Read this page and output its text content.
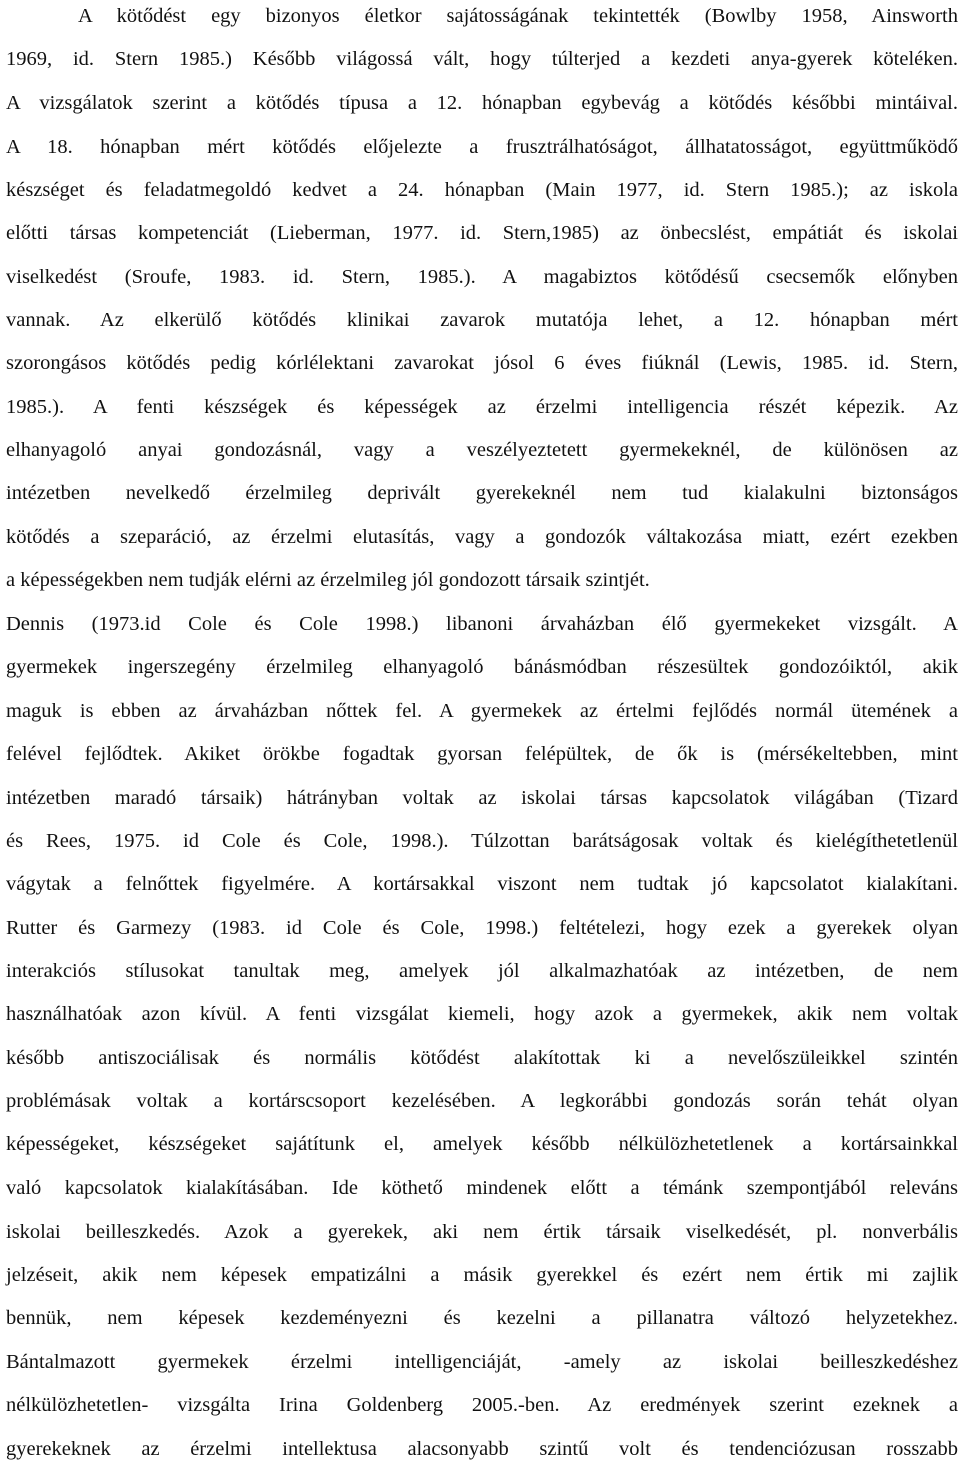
A kötődést egy bizonyos életkor sajátosságának tekintették (Bowlby 1958, Ainsworth
1969, id. Stern 1985.) Később világossá vált, hogy túlterjed a kezdeti anya-gyerek köteléken.
A vizsgálatok szerint a kötődés típusa a 12. hónapban egybevág a kötődés későbbi mintáival.
A 18. hónapban mért kötődés előjelezte a frusztrálhatóságot, állhatatosságot, együttműködő
készséget és feladatmegoldó kedvet a 24. hónapban (Main 1977, id. Stern 1985.); az iskola
előtti társas kompetenciát (Lieberman, 1977. id. Stern,1985) az önbecslést, empátiát és iskolai
viselkedést (Sroufe, 1983. id. Stern, 1985.). A magabiztos kötődésű csecsemők előnyben
vannak. Az elkerülő kötődés klinikai zavarok mutatója lehet, a 12. hónapban mért
szorongásos kötődés pedig kórlélektani zavarokat jósol 6 éves fiúknál (Lewis, 1985. id. Stern,
1985.). A fenti készségek és képességek az érzelmi intelligencia részét képezik. Az
elhanyagoló anyai gondozásnál, vagy a veszélyeztetett gyermekeknél, de különösen az
intézetben nevelkedő érzelmileg deprivált gyerekeknél nem tud kialakulni biztonságos
kötődés a szeparáció, az érzelmi elutasítás, vagy a gondozók váltakozása miatt, ezért ezekben
a képességekben nem tudják elérni az érzelmileg jól gondozott társaik szintjét.
Dennis (1973.id Cole és Cole 1998.) libanoni árvaházban élő gyermekeket vizsgált. A
gyermekek ingerszegény érzelmileg elhanyagoló bánásmódban részesültek gondozóiktól, akik
maguk is ebben az árvaházban nőttek fel. A gyermekek az értelmi fejlődés normál ütemének a
felével fejlődtek. Akiket örökbe fogadtak gyorsan felépültek, de ők is (mérsékeltebben, mint
intézetben maradó társaik) hátrányban voltak az iskolai társas kapcsolatok világában (Tizard
és Rees, 1975. id Cole és Cole, 1998.). Túlzottan barátságosak voltak és kielégíthetetlenül
vágytak a felnőttek figyelmére. A kortársakkal viszont nem tudtak jó kapcsolatot kialakítani.
Rutter és Garmezy (1983. id Cole és Cole, 1998.) feltételezi, hogy ezek a gyerekek olyan
interakciós stílusokat tanultak meg, amelyek jól alkalmazhatóak az intézetben, de nem
használhatóak azon kívül. A fenti vizsgálat kiemeli, hogy azok a gyermekek, akik nem voltak
később antiszociálisak és normális kötődést alakítottak ki a nevelőszüleikkel szintén
problémásak voltak a kortárscsoport kezelésében. A legkorábbi gondozás során tehát olyan
képességeket, készségeket sajátítunk el, amelyek később nélkülözhetetlenek a kortársainkkal
való kapcsolatok kialakításában. Ide köthető mindenek előtt a témánk szempontjából releváns
iskolai beilleszkedés. Azok a gyerekek, aki nem értik társaik viselkedését, pl. nonverbális
jelzéseit, akik nem képesek empatizálni a másik gyerekkel és ezért nem értik mi zajlik
bennük, nem képesek kezdeményezni és kezelni a pillanatra változó helyzetekhez.
Bántalmazott gyermekek érzelmi intelligenciáját, -amely az iskolai beilleszkedéshez
nélkülözhetetlen- vizsgálta Irina Goldenberg 2005.-ben. Az eredmények szerint ezeknek a
gyerekeknek az érzelmi intellektusa alacsonyabb szintű volt és tendenciózusan rosszabb
